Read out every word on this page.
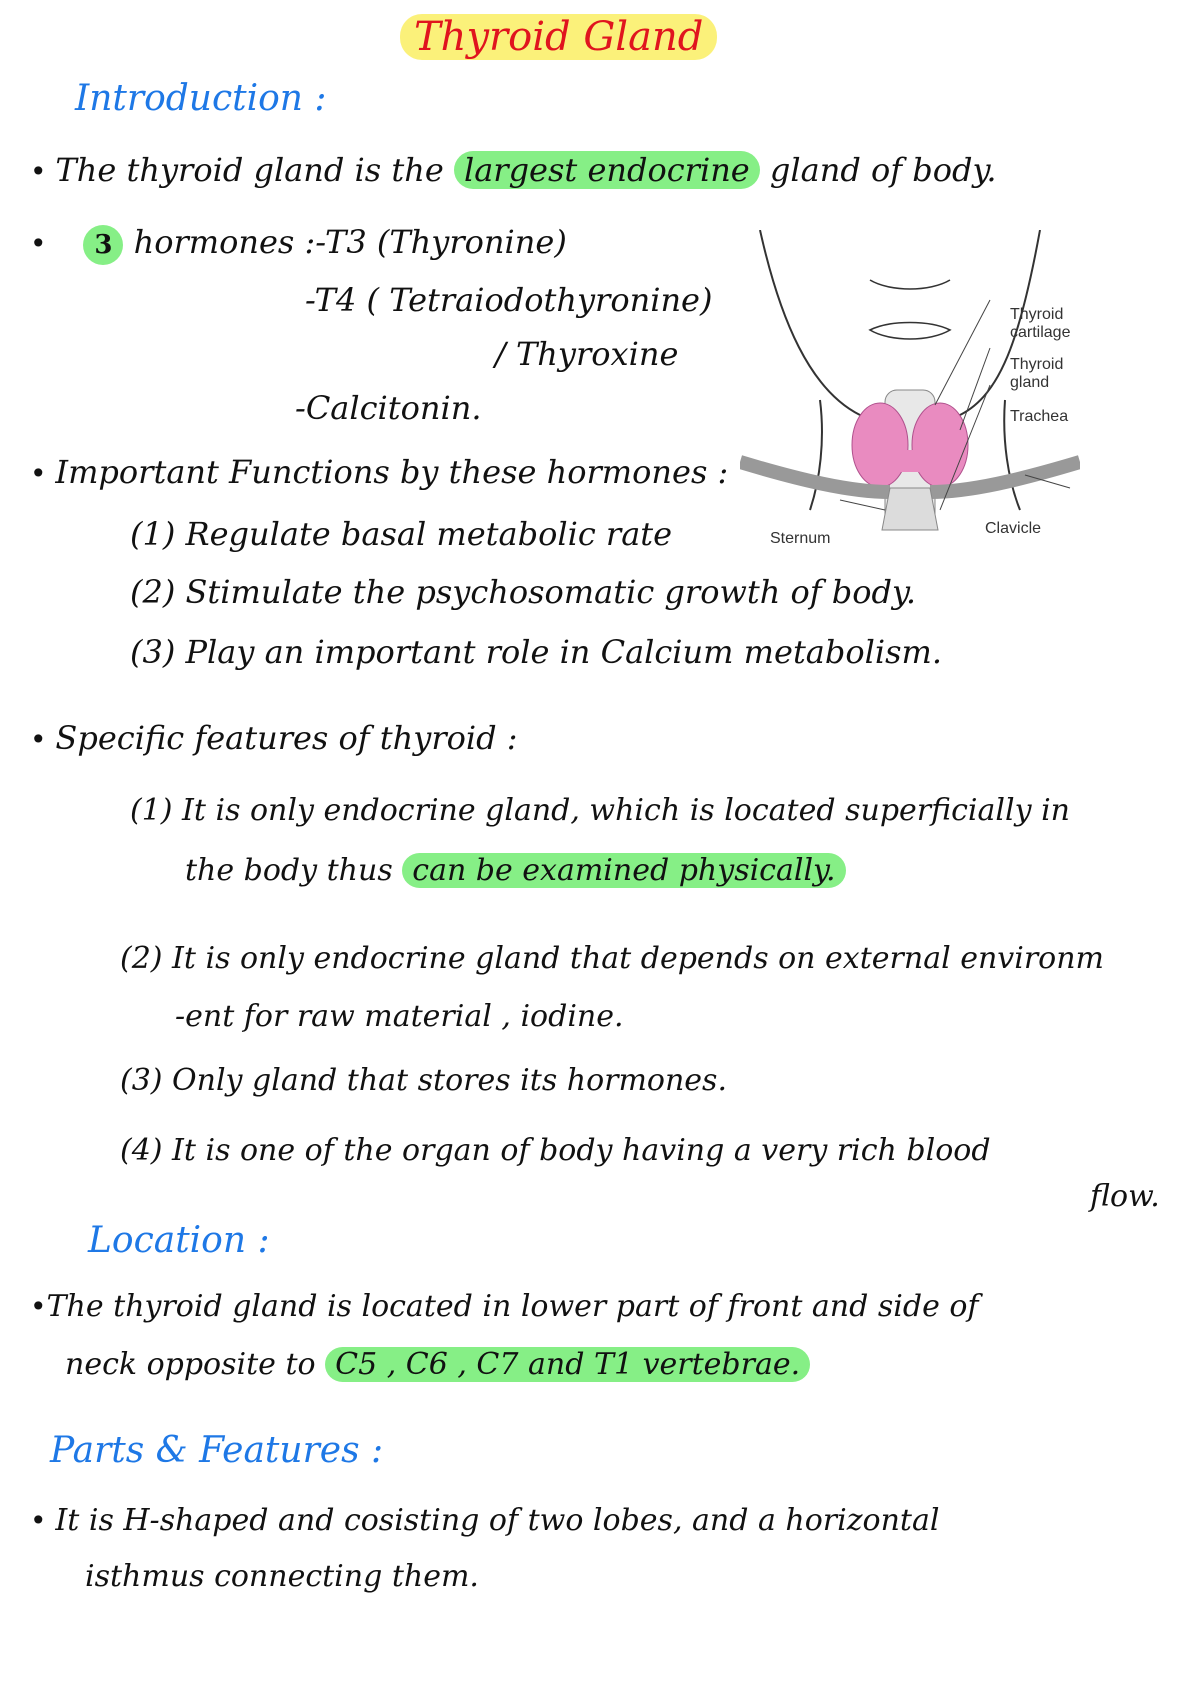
Thyroid Gland
Introduction :
• The thyroid gland is the largest endocrine gland of body.
• 3 hormones :-T3 (Thyronine)
-T4 ( Tetraiodothyronine)
/ Thyroxine
-Calcitonin.
• Important Functions by these hormones :
(1) Regulate basal metabolic rate
(2) Stimulate the psychosomatic growth of body.
(3) Play an important role in Calcium metabolism.
Thyroid cartilage
Thyroid gland
Trachea
Sternum
Clavicle
• Specific features of thyroid :
(1) It is only endocrine gland, which is located superficially in
the body thus can be examined physically.
(2) It is only endocrine gland that depends on external environm
-ent for raw material , iodine.
(3) Only gland that stores its hormones.
(4) It is one of the organ of body having a very rich blood
flow.
Location :
•The thyroid gland is located in lower part of front and side of
neck opposite to C5 , C6 , C7 and T1 vertebrae.
Parts & Features :
• It is H-shaped and cosisting of two lobes, and a horizontal
isthmus connecting them.
